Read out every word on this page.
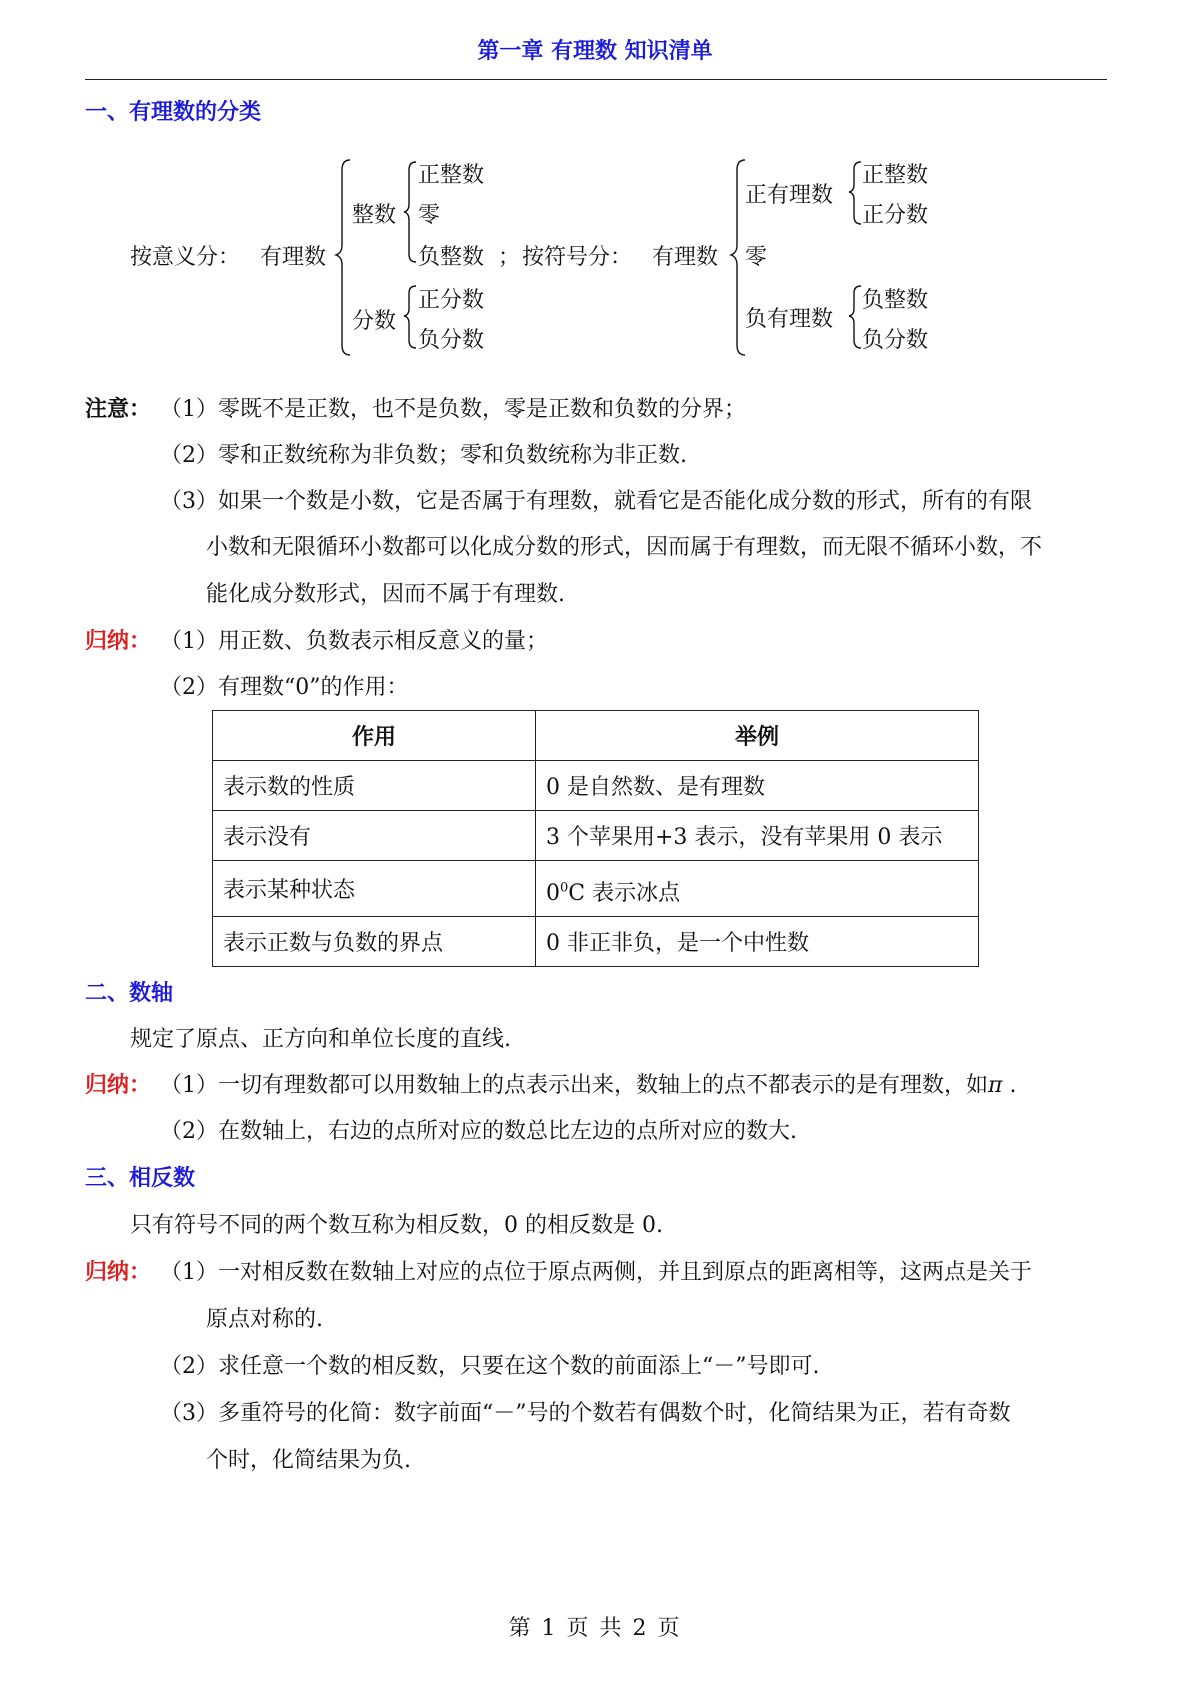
第一章 有理数 知识清单
一、有理数的分类
按意义分： 有理数
整数
正整数
零
负整数 ；
分数
正分数
负分数
按符号分： 有理数
正有理数
正整数
正分数
零
负有理数
负整数
负分数
注意： （1）零既不是正数，也不是负数，零是正数和负数的分界；
（2）零和正数统称为非负数；零和负数统称为非正数.
（3）如果一个数是小数，它是否属于有理数，就看它是否能化成分数的形式，所有的有限
小数和无限循环小数都可以化成分数的形式，因而属于有理数，而无限不循环小数，不
能化成分数形式，因而不属于有理数.
归纳： （1）用正数、负数表示相反意义的量；
（2）有理数“0”的作用：
作用	举例
表示数的性质	0 是自然数、是有理数
表示没有	3 个苹果用+3 表示，没有苹果用 0 表示
表示某种状态	$0^0C$ 表示冰点
表示正数与负数的界点	0 非正非负，是一个中性数
二、数轴
规定了原点、正方向和单位长度的直线.
归纳： （1）一切有理数都可以用数轴上的点表示出来，数轴上的点不都表示的是有理数，如π .
（2）在数轴上，右边的点所对应的数总比左边的点所对应的数大.
三、相反数
只有符号不同的两个数互称为相反数，0 的相反数是 0.
归纳： （1）一对相反数在数轴上对应的点位于原点两侧，并且到原点的距离相等，这两点是关于
原点对称的.
（2）求任意一个数的相反数，只要在这个数的前面添上“－”号即可.
（3）多重符号的化简：数字前面“－”号的个数若有偶数个时，化简结果为正，若有奇数
个时，化简结果为负.
第 1 页 共 2 页
